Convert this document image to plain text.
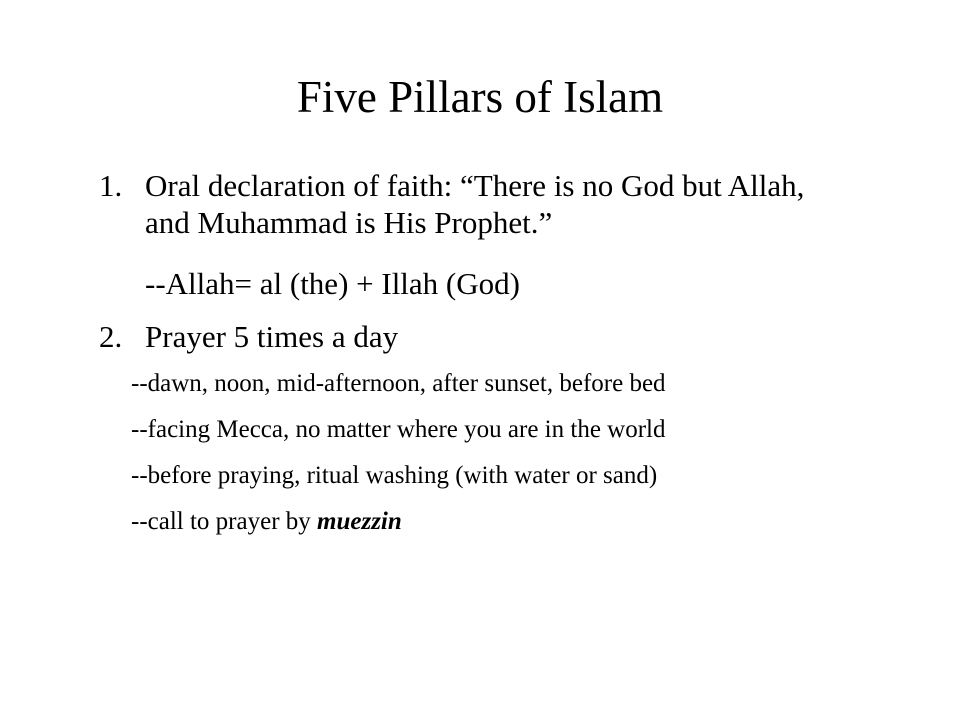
Five Pillars of Islam
1. Oral declaration of faith: “There is no God but Allah, and Muhammad is His Prophet.”
--Allah= al (the) + Illah (God)
2. Prayer 5 times a day
--dawn, noon, mid-afternoon, after sunset, before bed
--facing Mecca, no matter where you are in the world
--before praying, ritual washing (with water or sand)
--call to prayer by muezzin
